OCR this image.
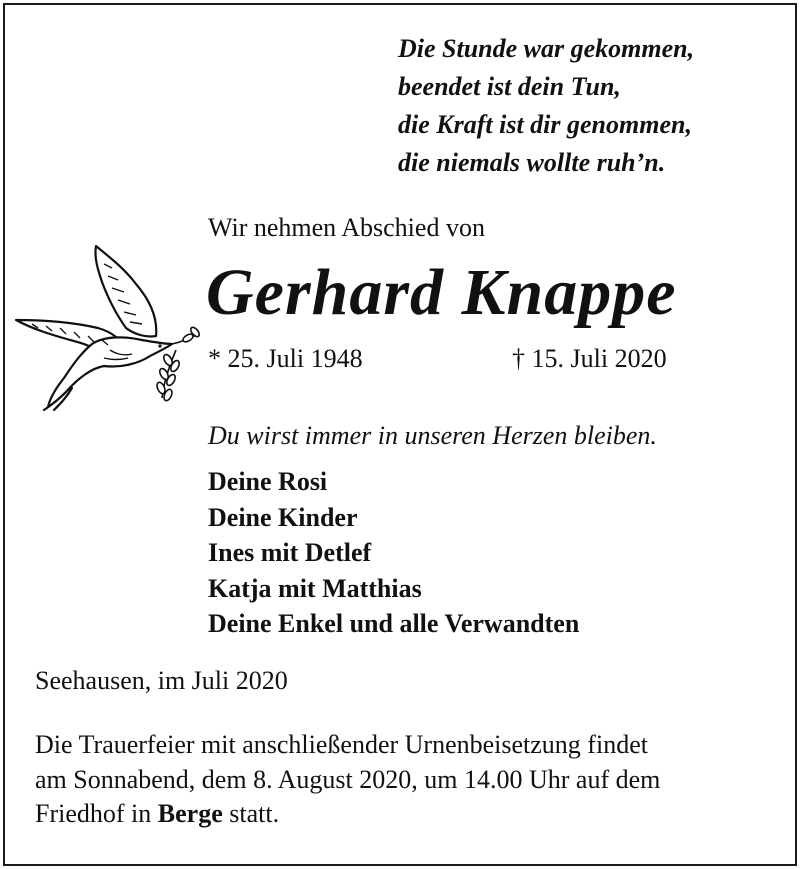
Die Stunde war gekommen,
beendet ist dein Tun,
die Kraft ist dir genommen,
die niemals wollte ruh’n.
Wir nehmen Abschied von
Gerhard Knappe
* 25. Juli 1948	† 15. Juli 2020
Du wirst immer in unseren Herzen bleiben.
Deine Rosi
Deine Kinder
Ines mit Detlef
Katja mit Matthias
Deine Enkel und alle Verwandten
Seehausen, im Juli 2020
Die Trauerfeier mit anschließender Urnenbeisetzung findet
am Sonnabend, dem 8. August 2020, um 14.00 Uhr auf dem
Friedhof in Berge statt.
